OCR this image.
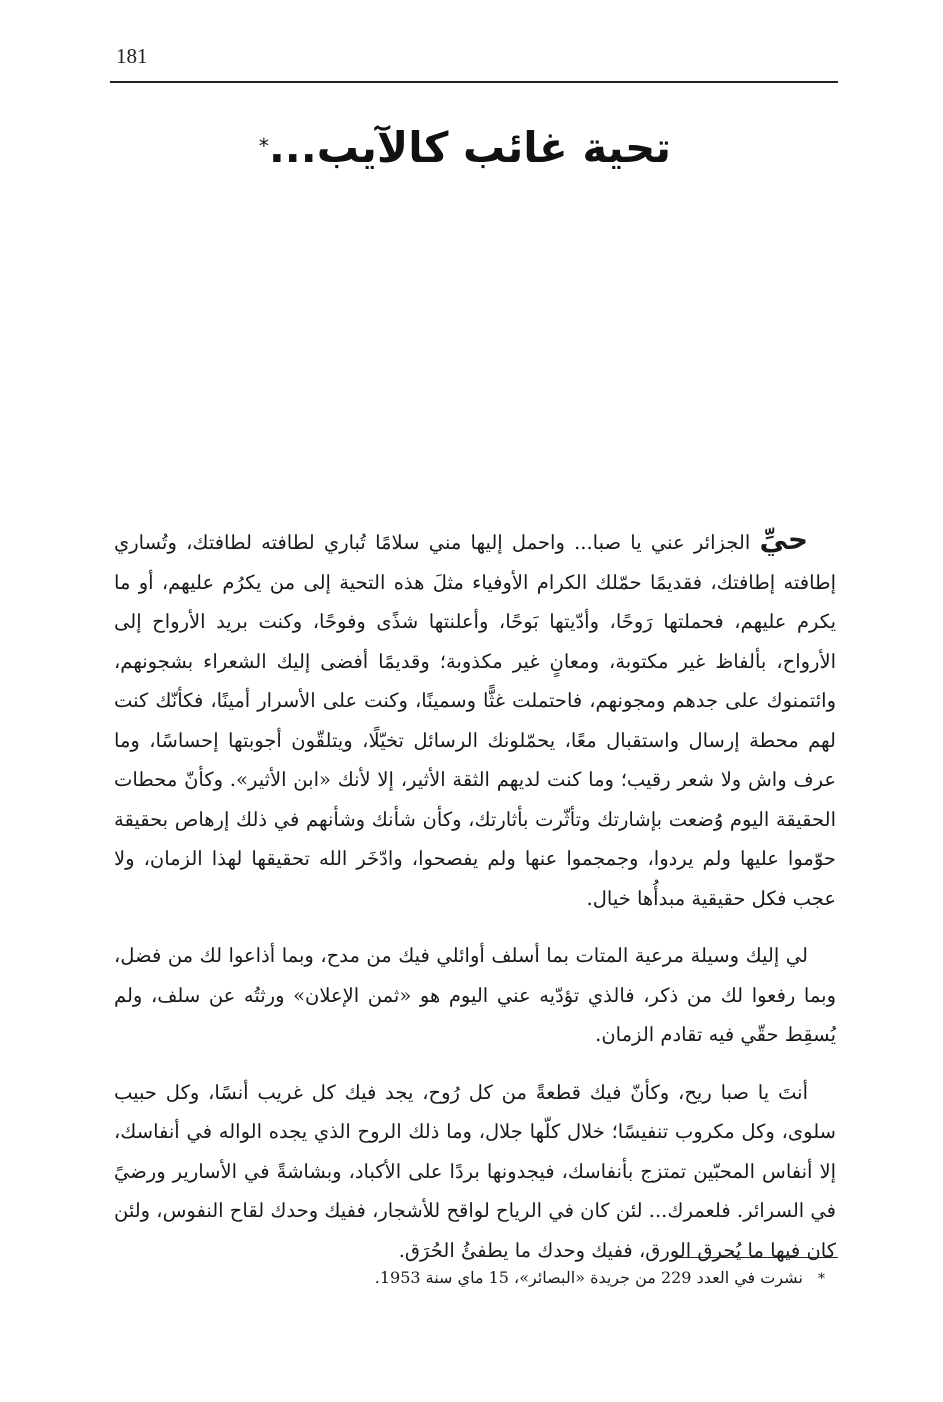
181
تحية غائب كالآيب...*

حيِّ الجزائر عني يا صبا... واحمل إليها مني سلامًا تُباري لطافته لطافتك، وتُساري إطافته إطافتك، فقديمًا حمّلك الكرام الأوفياء مثلَ هذه التحية إلى من يكرُم عليهم، أو ما يكرم عليهم، فحملتها رَوحًا، وأدّيتها بَوحًا، وأعلنتها شذًى وفوحًا، وكنت بريد الأرواح إلى الأرواح، بألفاظ غير مكتوبة، ومعانٍ غير مكذوبة؛ وقديمًا أفضى إليك الشعراء بشجونهم، وائتمنوك على جدهم ومجونهم، فاحتملت غثًّا وسمينًا، وكنت على الأسرار أمينًا، فكأنّك كنت لهم محطة إرسال واستقبال معًا، يحمّلونك الرسائل تخيّلًا، ويتلقّون أجوبتها إحساسًا، وما عرف واش ولا شعر رقيب؛ وما كنت لديهم الثقة الأثير، إلا لأنك «ابن الأثير». وكأنّ محطات الحقيقة اليوم وُضعت بإشارتك وتأثّرت بأثارتك، وكأن شأنك وشأنهم في ذلك إرهاص بحقيقة حوّموا عليها ولم يردوا، وجمجموا عنها ولم يفصحوا، وادّخَر الله تحقيقها لهذا الزمان، ولا عجب فكل حقيقية مبدأُها خيال.

لي إليك وسيلة مرعية المتات بما أسلف أوائلي فيك من مدح، وبما أذاعوا لك من فضل، وبما رفعوا لك من ذكر، فالذي تؤدّيه عني اليوم هو «ثمن الإعلان» ورثتُه عن سلف، ولم يُسقِط حقّي فيه تقادم الزمان.

أنتَ يا صبا ريح، وكأنّ فيك قطعةً من كل رُوح، يجد فيك كل غريب أنسًا، وكل حبيب سلوى، وكل مكروب تنفيسًا؛ خلال كلّها جلال، وما ذلك الروح الذي يجده الواله في أنفاسك، إلا أنفاس المحبّين تمتزج بأنفاسك، فيجدونها بردًا على الأكباد، وبشاشةً في الأسارير ورضيً في السرائر. فلعمرك... لئن كان في الرياح لواقح للأشجار، ففيك وحدك لقاح النفوس، ولئن كان فيها ما يُحرق الورق، ففيك وحدك ما يطفئُ الحُرَق.

* نشرت في العدد 229 من جريدة «البصائر»، 15 ماي سنة 1953.
